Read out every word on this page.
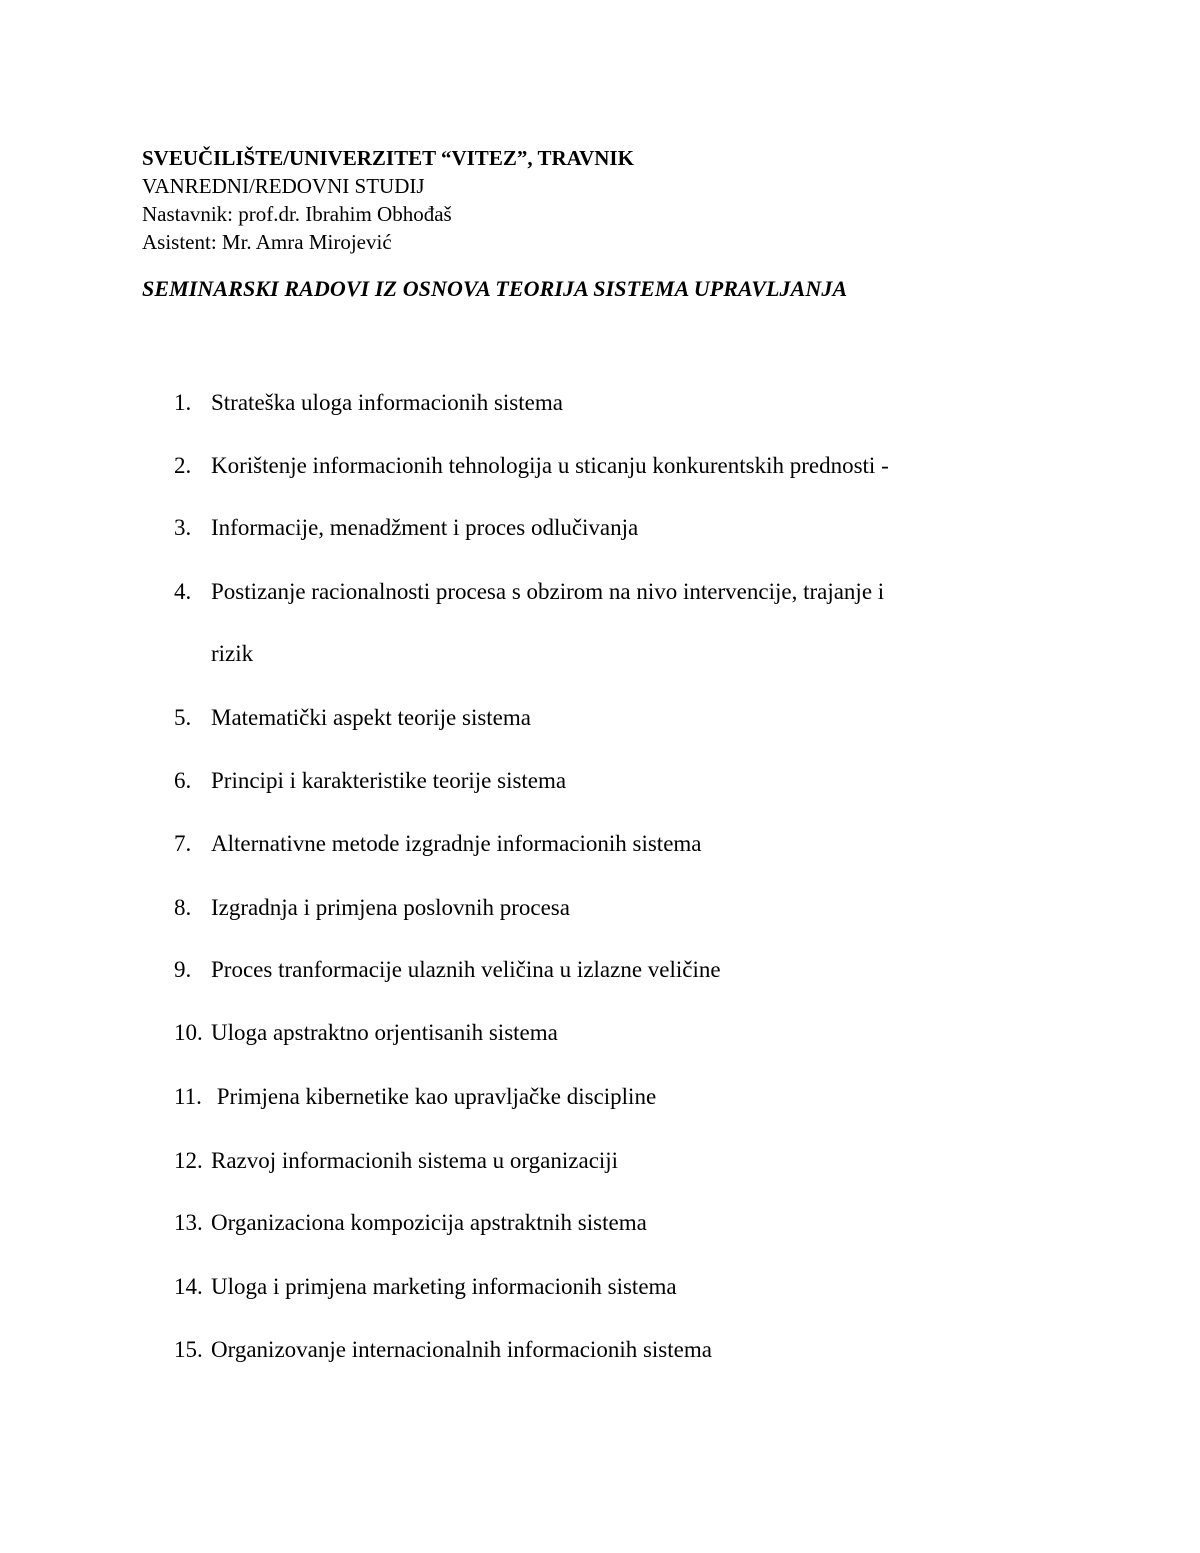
SVEUČILIŠTE/UNIVERZITET “VITEZ”, TRAVNIK
VANREDNI/REDOVNI STUDIJ
Nastavnik: prof.dr. Ibrahim Obhođaš
Asistent: Mr. Amra Mirojević
SEMINARSKI RADOVI IZ OSNOVA TEORIJA SISTEMA UPRAVLJANJA
1. Strateška uloga informacionih sistema
2. Korištenje informacionih tehnologija u sticanju konkurentskih prednosti -
3. Informacije, menadžment i proces odlučivanja
4. Postizanje racionalnosti procesa s obzirom na nivo intervencije, trajanje i
rizik
5. Matematički aspekt teorije sistema
6. Principi i karakteristike teorije sistema
7. Alternativne metode izgradnje informacionih sistema
8. Izgradnja i primjena poslovnih procesa
9. Proces tranformacije ulaznih veličina u izlazne veličine
10. Uloga apstraktno orjentisanih sistema
11. Primjena kibernetike kao upravljačke discipline
12. Razvoj informacionih sistema u organizaciji
13. Organizaciona kompozicija apstraktnih sistema
14. Uloga i primjena marketing informacionih sistema
15. Organizovanje internacionalnih informacionih sistema
